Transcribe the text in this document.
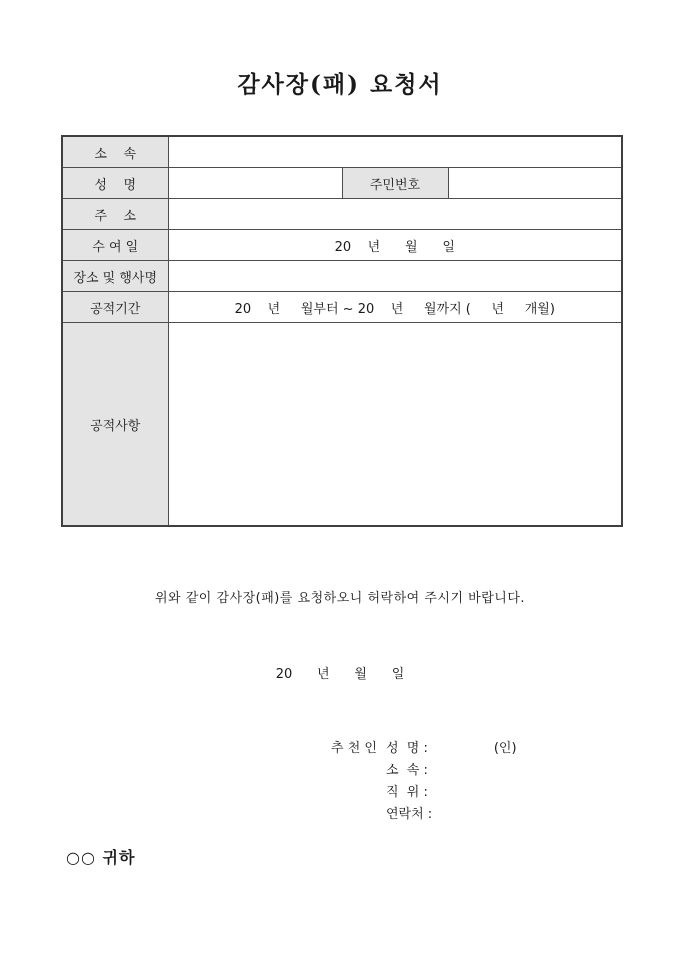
감사장(패) 요청서
소    속			
성    명		주민번호	
주    소			
수 여 일	20    년      월      일		
장소 및 행사명			
공적기간	20    년     월부터 ~ 20    년     월까지 (     년     개월)		
공적사항			

위와 같이 감사장(패)를 요청하오니 허락하여 주시기 바랍니다.

20      년      월      일

추 천 인 성  명 :	(인)
소  속 :
직  위 :
연락처 :
○○ 귀하
